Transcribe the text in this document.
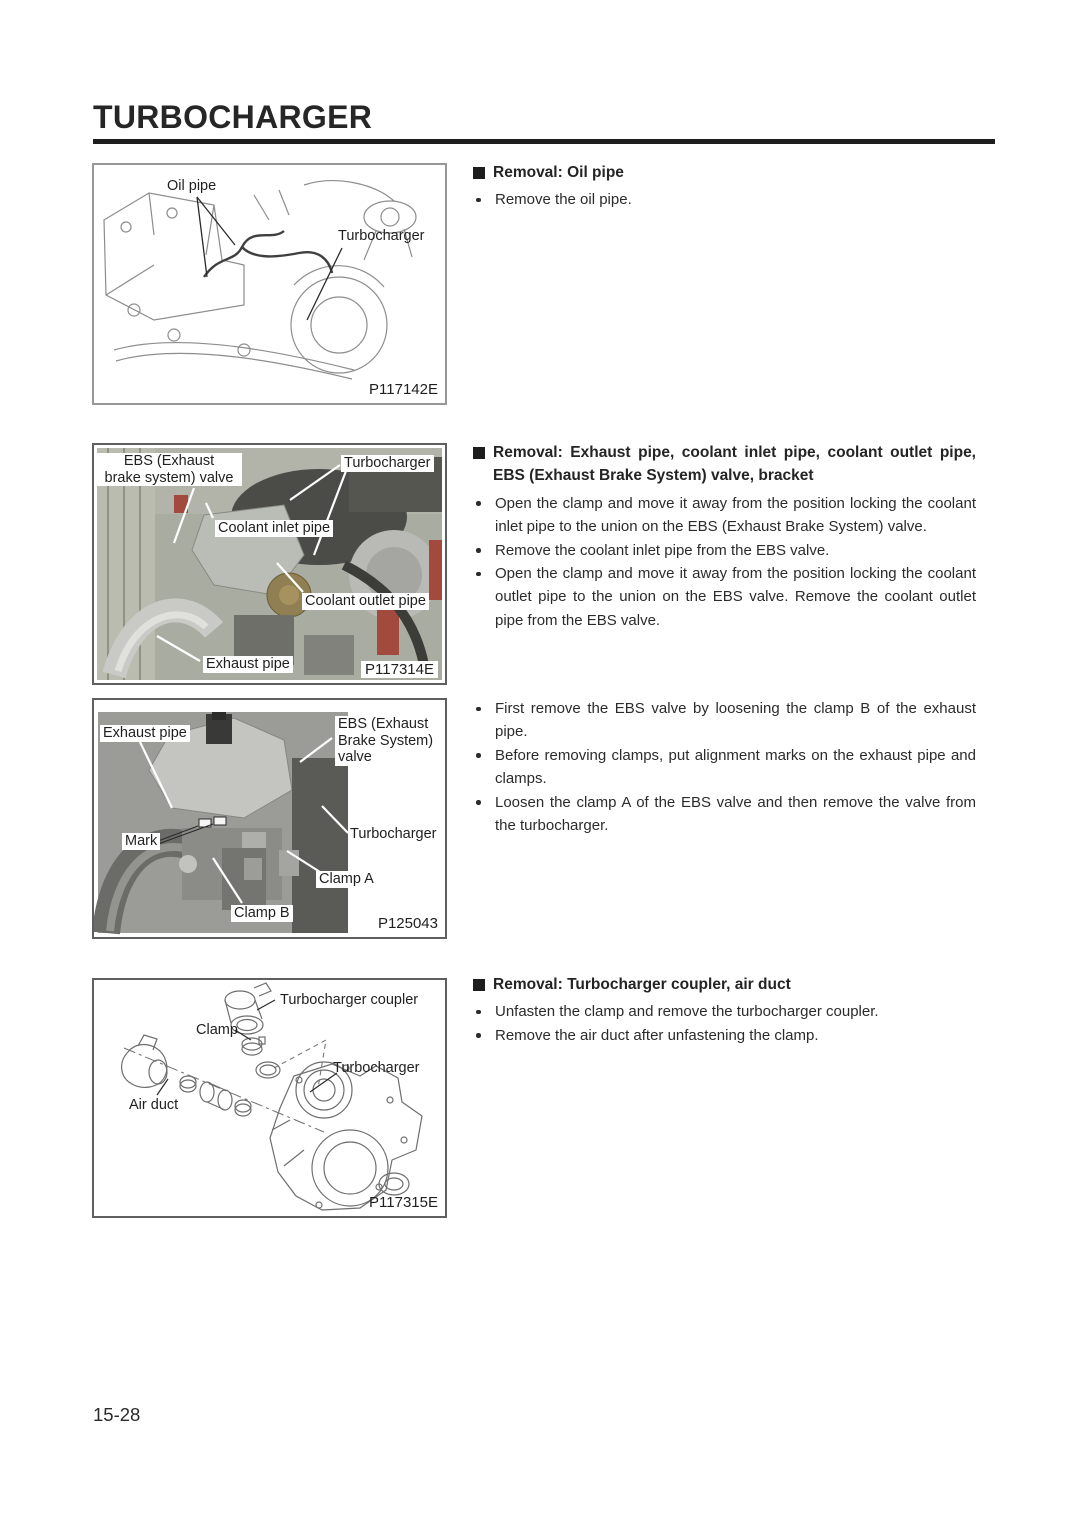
TURBOCHARGER
Oil pipe
Turbocharger
P117142E
EBS (Exhaust
brake system) valve
Turbocharger
Coolant inlet pipe
Coolant outlet pipe
Exhaust pipe	P117314E
Exhaust pipe
EBS (Exhaust
Brake System)
valve
Mark	Turbocharger
Clamp A
Clamp B
P125043
Turbocharger coupler
Clamp
Turbocharger
Air duct
P117315E
Removal: Oil pipe
Remove the oil pipe.
Removal: Exhaust pipe, coolant inlet pipe, coolant outlet pipe, EBS (Exhaust Brake System) valve, bracket
Open the clamp and move it away from the position locking the coolant inlet pipe to the union on the EBS (Exhaust Brake System) valve.
Remove the coolant inlet pipe from the EBS valve.
Open the clamp and move it away from the position locking the coolant outlet pipe to the union on the EBS valve. Remove the coolant outlet pipe from the EBS valve.
First remove the EBS valve by loosening the clamp B of the exhaust pipe.
Before removing clamps, put alignment marks on the exhaust pipe and clamps.
Loosen the clamp A of the EBS valve and then remove the valve from the turbocharger.
Removal: Turbocharger coupler, air duct
Unfasten the clamp and remove the turbocharger coupler.
Remove the air duct after unfastening the clamp.
15-28
